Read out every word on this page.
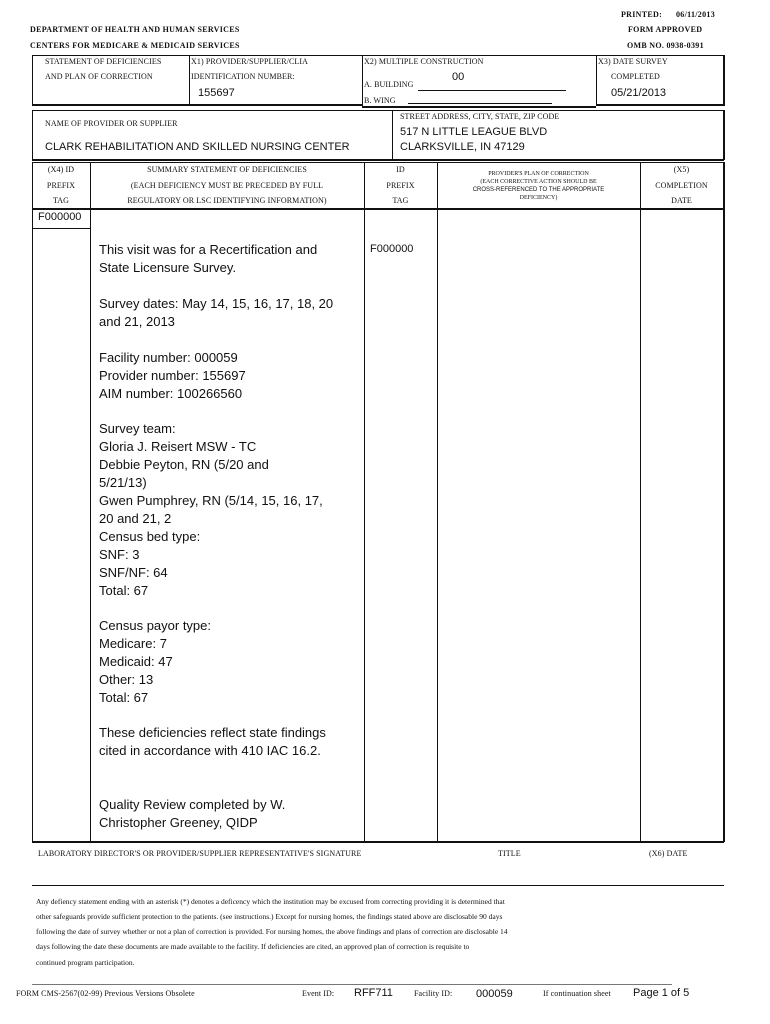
PRINTED: 06/11/2013
FORM APPROVED
OMB NO. 0938-0391
DEPARTMENT OF HEALTH AND HUMAN SERVICES
CENTERS FOR MEDICARE & MEDICAID SERVICES
STATEMENT OF DEFICIENCIES
AND PLAN OF CORRECTION
X1) PROVIDER/SUPPLIER/CLIA
IDENTIFICATION NUMBER:
155697
X2) MULTIPLE CONSTRUCTION
A. BUILDING
00
B. WING
X3) DATE SURVEY
COMPLETED
05/21/2013
NAME OF PROVIDER OR SUPPLIER
CLARK REHABILITATION AND SKILLED NURSING CENTER
STREET ADDRESS, CITY, STATE, ZIP CODE
517 N LITTLE LEAGUE BLVD
CLARKSVILLE, IN 47129
(X4) ID
PREFIX
TAG
SUMMARY STATEMENT OF DEFICIENCIES
(EACH DEFICIENCY MUST BE PRECEDED BY FULL
REGULATORY OR LSC IDENTIFYING INFORMATION)
ID
PREFIX
TAG
PROVIDER'S PLAN OF CORRECTION
(EACH CORRECTIVE ACTION SHOULD BE
CROSS-REFERENCED TO THE APPROPRIATE
DEFICIENCY)
(X5)
COMPLETION
DATE
F000000
F000000
This visit was for a Recertification and State Licensure Survey.
Survey dates: May 14, 15, 16, 17, 18, 20 and 21, 2013
Facility number: 000059
Provider number: 155697
AIM number: 100266560
Survey team:
Gloria J. Reisert MSW - TC
Debbie Peyton, RN (5/20 and 5/21/13)
Gwen Pumphrey, RN (5/14, 15, 16, 17, 20 and 21, 2
Census bed type:
SNF: 3
SNF/NF: 64
Total: 67
Census payor type:
Medicare: 7
Medicaid: 47
Other: 13
Total: 67
These deficiencies reflect state findings cited in accordance with 410 IAC 16.2.
Quality Review completed by W. Christopher Greeney, QIDP
LABORATORY DIRECTOR'S OR PROVIDER/SUPPLIER REPRESENTATIVE'S SIGNATURE	TITLE	(X6) DATE
Any defiency statement ending with an asterisk (*) denotes a deficency which the institution may be excused from correcting providing it is determined that
other safeguards provide sufficient protection to the patients. (see instructions.) Except for nursing homes, the findings stated above are disclosable 90 days
following the date of survey whether or not a plan of correction is provided. For nursing homes, the above findings and plans of correction are disclosable 14
days following the date these documents are made available to the facility. If deficiencies are cited, an approved plan of correction is requisite to
continued program participation.
FORM CMS-2567(02-99) Previous Versions Obsolete	Event ID: RFF711	Facility ID: 000059	If continuation sheet Page 1 of 5
